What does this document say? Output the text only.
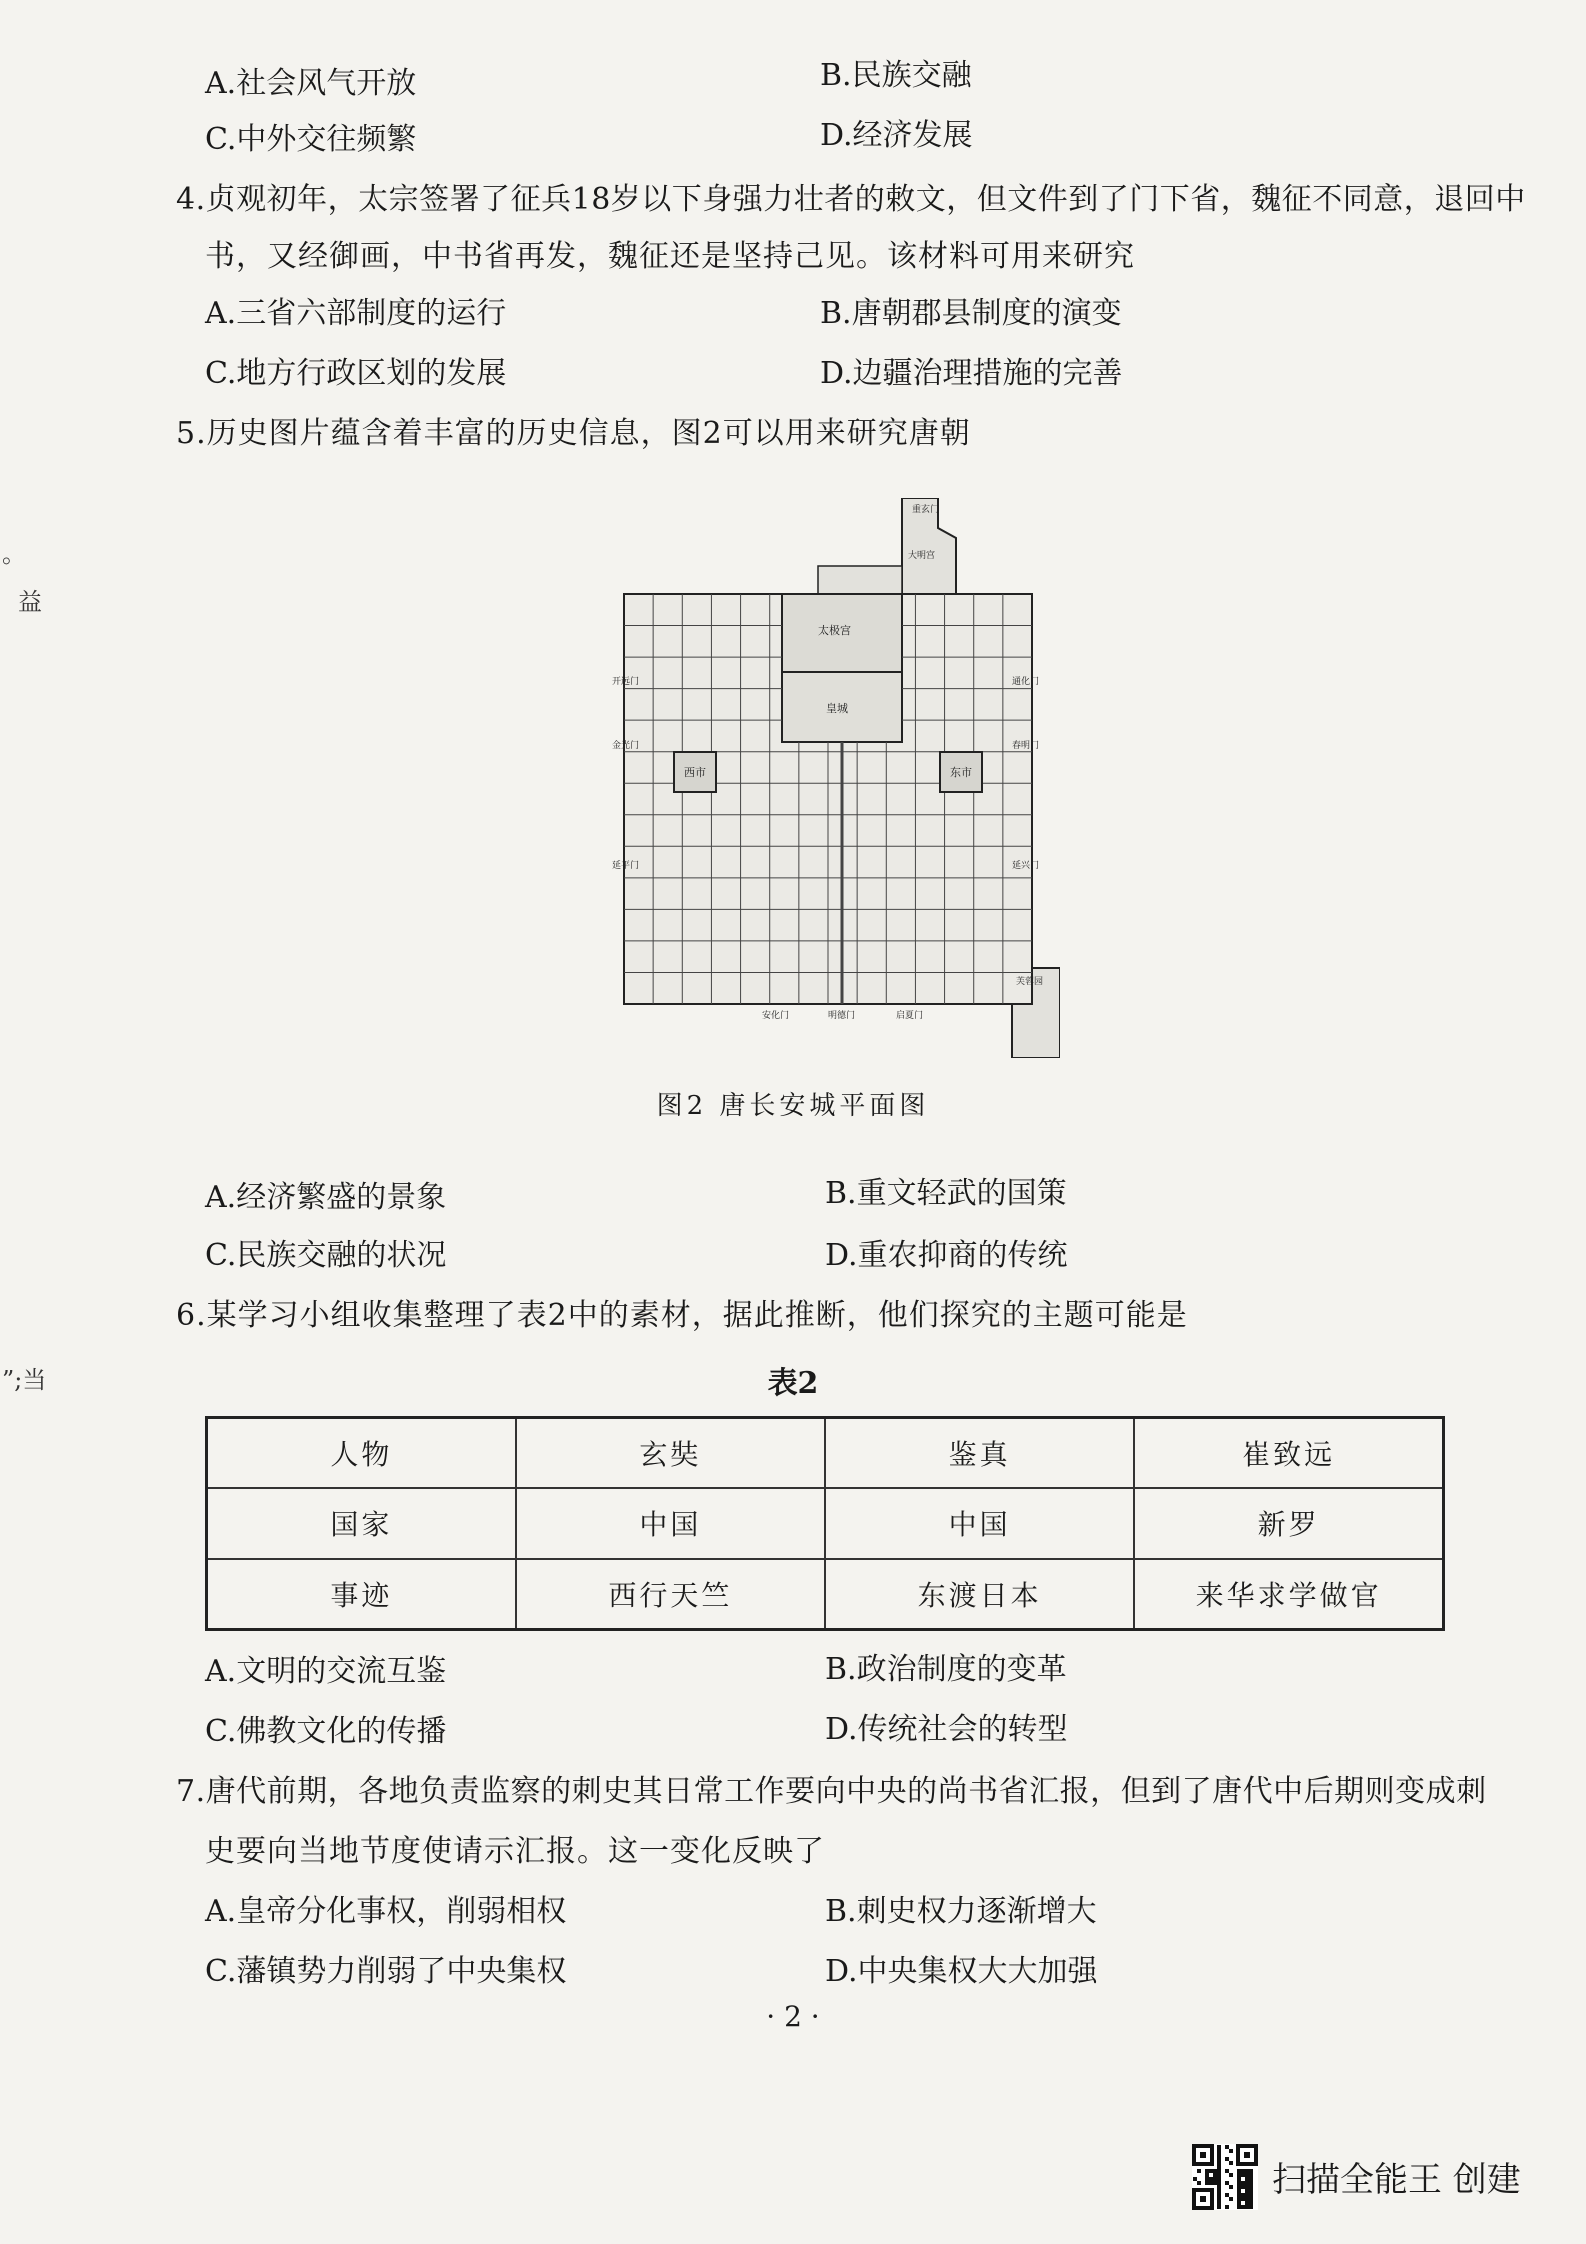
。
益
”;当
A.社会风气开放	B.民族交融
C.中外交往频繁	D.经济发展
4.贞观初年，太宗签署了征兵18岁以下身强力壮者的敕文，但文件到了门下省，魏征不同意，退回中
书，又经御画，中书省再发，魏征还是坚持己见。该材料可用来研究
A.三省六部制度的运行	B.唐朝郡县制度的演变
C.地方行政区划的发展	D.边疆治理措施的完善
5.历史图片蕴含着丰富的历史信息，图2可以用来研究唐朝
重玄门
开远门
金光门
延平门
通化门
春明门
延兴门
安化门	明德门	启夏门
太极宫
皇城
大明宫
西市	东市
芙蓉园
图2 唐长安城平面图
A.经济繁盛的景象	B.重文轻武的国策
C.民族交融的状况	D.重农抑商的传统
6.某学习小组收集整理了表2中的素材，据此推断，他们探究的主题可能是
表2
人物	玄奘	鉴真	崔致远
国家	中国	中国	新罗
事迹	西行天竺	东渡日本	来华求学做官
A.文明的交流互鉴	B.政治制度的变革
C.佛教文化的传播	D.传统社会的转型
7.唐代前期，各地负责监察的刺史其日常工作要向中央的尚书省汇报，但到了唐代中后期则变成刺
史要向当地节度使请示汇报。这一变化反映了
A.皇帝分化事权，削弱相权	B.刺史权力逐渐增大
C.藩镇势力削弱了中央集权	D.中央集权大大加强
· 2 ·
扫描全能王 创建
